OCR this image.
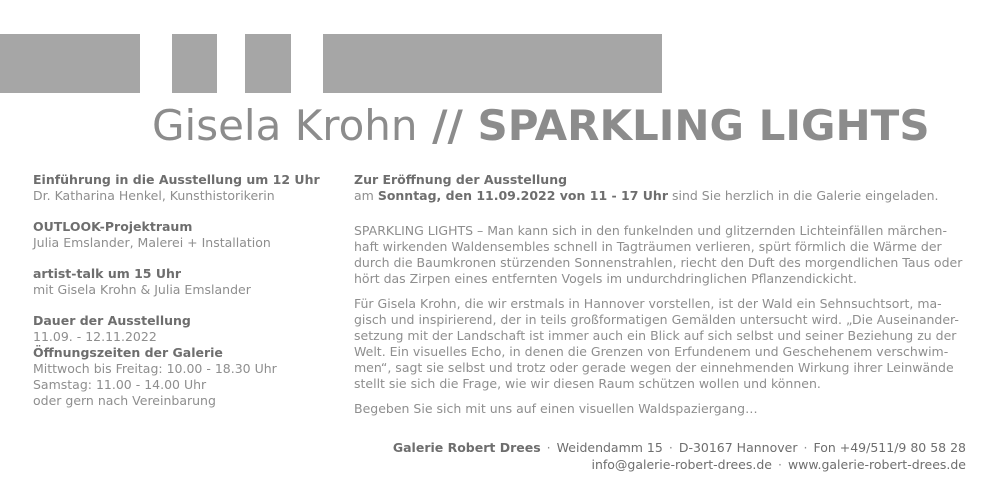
Gisela Krohn // SPARKLING LIGHTS

Einführung in die Ausstellung um 12 Uhr

Dr. Katharina Henkel, Kunsthistorikerin

OUTLOOK-Projektraum

Julia Emslander, Malerei + Installation

artist-talk um 15 Uhr

mit Gisela Krohn & Julia Emslander

Dauer der Ausstellung

11.09. - 12.11.2022

Öffnungszeiten der Galerie

Mittwoch bis Freitag: 10.00 - 18.30 Uhr

Samstag: 11.00 - 14.00 Uhr

oder gern nach Vereinbarung

Zur Eröffnung der Ausstellung

am Sonntag, den 11.09.2022 von 11 - 17 Uhr sind Sie herzlich in die Galerie eingeladen.

SPARKLING LIGHTS – Man kann sich in den funkelnden und glitzernden Lichteinfällen märchen-

haft wirkenden Waldensembles schnell in Tagträumen verlieren, spürt förmlich die Wärme der

durch die Baumkronen stürzenden Sonnenstrahlen, riecht den Duft des morgendlichen Taus oder

hört das Zirpen eines entfernten Vogels im undurchdringlichen Pflanzendickicht.

Für Gisela Krohn, die wir erstmals in Hannover vorstellen, ist der Wald ein Sehnsuchtsort, ma-

gisch und inspirierend, der in teils großformatigen Gemälden untersucht wird. „Die Auseinander-

setzung mit der Landschaft ist immer auch ein Blick auf sich selbst und seiner Beziehung zu der

Welt. Ein visuelles Echo, in denen die Grenzen von Erfundenem und Geschehenem verschwim-

men“, sagt sie selbst und trotz oder gerade wegen der einnehmenden Wirkung ihrer Leinwände

stellt sie sich die Frage, wie wir diesen Raum schützen wollen und können.

Begeben Sie sich mit uns auf einen visuellen Waldspaziergang…

Galerie Robert Drees · Weidendamm 15 · D-30167 Hannover · Fon +49/511/9 80 58 28
info@galerie-robert-drees.de · www.galerie-robert-drees.de
